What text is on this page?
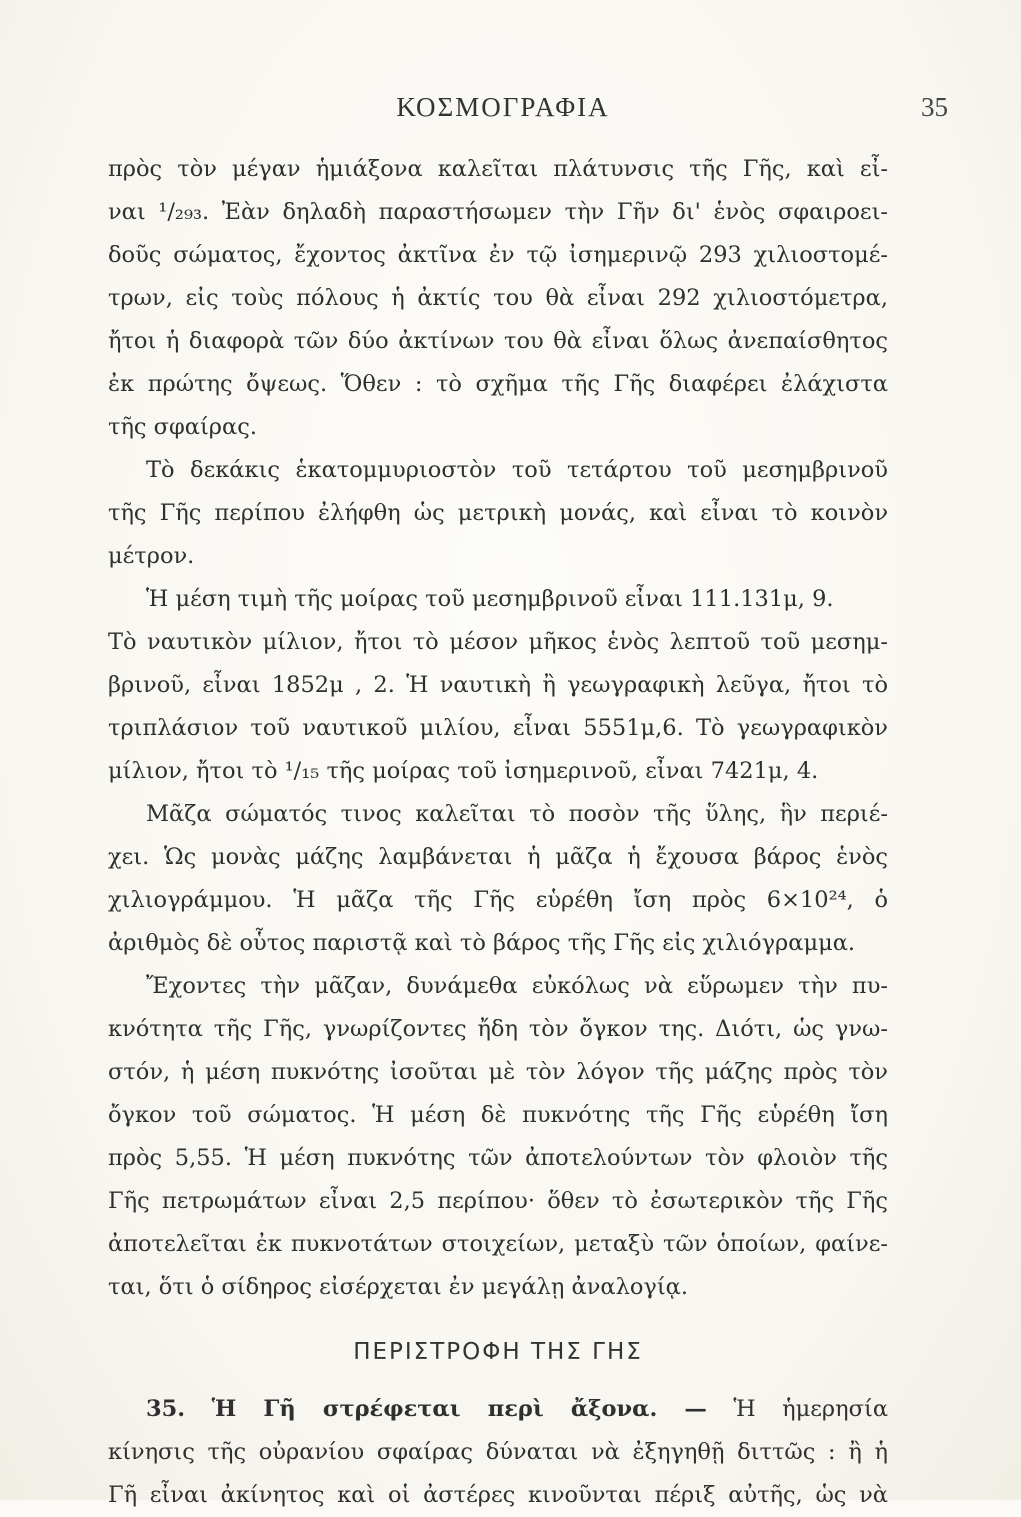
ΚΟΣΜΟΓΡΑΦΙΑ	35
πρὸς τὸν μέγαν ἡμιάξονα καλεῖται πλάτυνσις τῆς Γῆς, καὶ εἶ-
ναι ¹/₂₉₃. Ἐὰν δηλαδὴ παραστήσωμεν τὴν Γῆν δι' ἑνὸς σφαιροει-
δοῦς σώματος, ἔχοντος ἀκτῖνα ἐν τῷ ἰσημερινῷ 293 χιλιοστομέ-
τρων, εἰς τοὺς πόλους ἡ ἀκτίς του θὰ εἶναι 292 χιλιοστόμετρα,
ἤτοι ἡ διαφορὰ τῶν δύο ἀκτίνων του θὰ εἶναι ὅλως ἀνεπαίσθητος
ἐκ πρώτης ὄψεως. Ὅθεν : τὸ σχῆμα τῆς Γῆς διαφέρει ἐλάχιστα
τῆς σφαίρας.
Τὸ δεκάκις ἑκατομμυριοστὸν τοῦ τετάρτου τοῦ μεσημβρινοῦ
τῆς Γῆς περίπου ἐλήφθη ὡς μετρικὴ μονάς, καὶ εἶναι τὸ κοινὸν
μέτρον.
Ἡ μέση τιμὴ τῆς μοίρας τοῦ μεσημβρινοῦ εἶναι 111.131μ, 9.
Τὸ ναυτικὸν μίλιον, ἤτοι τὸ μέσον μῆκος ἑνὸς λεπτοῦ τοῦ μεσημ-
βρινοῦ, εἶναι 1852μ , 2. Ἡ ναυτικὴ ἢ γεωγραφικὴ λεῦγα, ἤτοι τὸ
τριπλάσιον τοῦ ναυτικοῦ μιλίου, εἶναι 5551μ,6. Τὸ γεωγραφικὸν
μίλιον, ἤτοι τὸ ¹/₁₅ τῆς μοίρας τοῦ ἰσημερινοῦ, εἶναι 7421μ, 4.
Μᾶζα σώματός τινος καλεῖται τὸ ποσὸν τῆς ὕλης, ἣν περιέ-
χει. Ὡς μονὰς μάζης λαμβάνεται ἡ μᾶζα ἡ ἔχουσα βάρος ἑνὸς
χιλιογράμμου. Ἡ μᾶζα τῆς Γῆς εὑρέθη ἴση πρὸς 6×10²⁴, ὁ
ἀριθμὸς δὲ οὗτος παριστᾷ καὶ τὸ βάρος τῆς Γῆς εἰς χιλιόγραμμα.
Ἔχοντες τὴν μᾶζαν, δυνάμεθα εὐκόλως νὰ εὕρωμεν τὴν πυ-
κνότητα τῆς Γῆς, γνωρίζοντες ἤδη τὸν ὄγκον της. Διότι, ὡς γνω-
στόν, ἡ μέση πυκνότης ἰσοῦται μὲ τὸν λόγον τῆς μάζης πρὸς τὸν
ὄγκον τοῦ σώματος. Ἡ μέση δὲ πυκνότης τῆς Γῆς εὑρέθη ἴση
πρὸς 5,55. Ἡ μέση πυκνότης τῶν ἀποτελούντων τὸν φλοιὸν τῆς
Γῆς πετρωμάτων εἶναι 2,5 περίπου· ὅθεν τὸ ἐσωτερικὸν τῆς Γῆς
ἀποτελεῖται ἐκ πυκνοτάτων στοιχείων, μεταξὺ τῶν ὁποίων, φαίνε-
ται, ὅτι ὁ σίδηρος εἰσέρχεται ἐν μεγάλῃ ἀναλογίᾳ.
ΠΕΡΙΣΤΡΟΦΗ ΤΗΣ ΓΗΣ
35. Ἡ Γῆ στρέφεται περὶ ἄξονα. — Ἡ ἡμερησία
κίνησις τῆς οὐρανίου σφαίρας δύναται νὰ ἐξηγηθῇ διττῶς : ἢ ἡ
Γῆ εἶναι ἀκίνητος καὶ οἱ ἀστέρες κινοῦνται πέριξ αὐτῆς, ὡς νὰ
